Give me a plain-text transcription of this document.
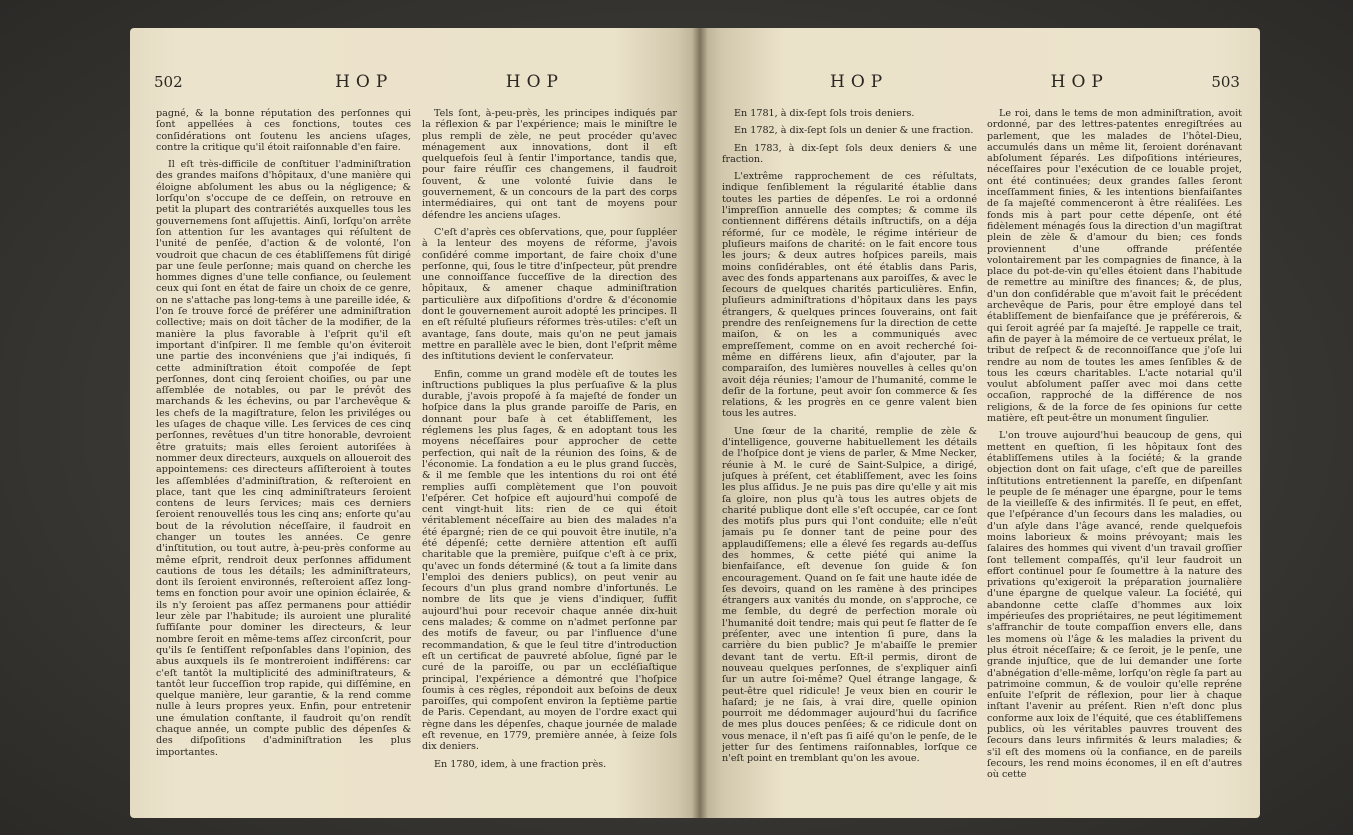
502	HOP	HOP

pagné, & la bonne réputation des perſonnes qui ſont appellées à ces fonctions, toutes ces conſidérations ont ſoutenu les anciens uſages, contre la critique qu'il étoit raiſonnable d'en faire.

Il eſt très-difficile de conſtituer l'adminiſtration des grandes maiſons d'hôpitaux, d'une manière qui éloigne abſolument les abus ou la négligence; & lorſqu'on s'occupe de ce deſſein, on retrouve en petit la plupart des contrariétés auxquelles tous les gouvernemens ſont aſſujettis. Ainſi, lorſqu'on arrête ſon attention ſur les avantages qui réſultent de l'unité de penſée, d'action & de volonté, l'on voudroit que chacun de ces établiſſemens fût dirigé par une ſeule perſonne; mais quand on cherche les hommes dignes d'une telle confiance, ou ſeulement ceux qui ſont en état de faire un choix de ce genre, on ne s'attache pas long-tems à une pareille idée, & l'on ſe trouve forcé de préférer une adminiſtration collective; mais on doit tâcher de la modifier, de la manière la plus favorable à l'eſprit qu'il eſt important d'inſpirer. Il me ſemble qu'on éviteroit une partie des inconvéniens que j'ai indiqués, ſi cette adminiſtration étoit compoſée de ſept perſonnes, dont cinq ſeroient choiſies, ou par une aſſemblée de notables, ou par le prévôt des marchands & les échevins, ou par l'archevêque & les chefs de la magiſtrature, ſelon les priviléges ou les uſages de chaque ville. Les ſervices de ces cinq perſonnes, revêtues d'un titre honorable, devroient être gratuits; mais elles ſeroient autoriſées à nommer deux directeurs, auxquels on alloueroit des appointemens: ces directeurs aſſiſteroient à toutes les aſſemblées d'adminiſtration, & reſteroient en place, tant que les cinq adminiſtrateurs ſeroient contens de leurs ſervices; mais ces derniers ſeroient renouvellés tous les cinq ans; enſorte qu'au bout de la révolution néceſſaire, il faudroit en changer un toutes les années. Ce genre d'inſtitution, ou tout autre, à-peu-près conforme au même eſprit, rendroit deux perſonnes affidument cautions de tous les détails; les adminiſtrateurs, dont ils ſeroient environnés, reſteroient aſſez long-tems en fonction pour avoir une opinion éclairée, & ils n'y ſeroient pas aſſez permanens pour attiédir leur zèle par l'habitude; ils auroient une pluralité ſuffiſante pour dominer les directeurs, & leur nombre ſeroit en même-tems aſſez circonſcrit, pour qu'ils ſe ſentiſſent reſponſables dans l'opinion, des abus auxquels ils ſe montreroient indifférens: car c'eſt tantôt la multiplicité des adminiſtrateurs, & tantôt leur ſucceſſion trop rapide, qui diſſémine, en quelque manière, leur garantie, & la rend comme nulle à leurs propres yeux. Enfin, pour entretenir une émulation conſtante, il faudroit qu'on rendît chaque année, un compte public des dépenſes & des diſpoſitions d'adminiſtration les plus importantes.

Tels ſont, à-peu-près, les principes indiqués par la réflexion & par l'expérience; mais le miniſtre le plus rempli de zèle, ne peut procéder qu'avec ménagement aux innovations, dont il eſt quelquefois ſeul à ſentir l'importance, tandis que, pour faire réuſſir ces changemens, il faudroit ſouvent, & une volonté ſuivie dans le gouvernement, & un concours de la part des corps intermédiaires, qui ont tant de moyens pour défendre les anciens uſages.

C'eſt d'après ces obſervations, que, pour ſuppléer à la lenteur des moyens de réforme, j'avois conſidéré comme important, de faire choix d'une perſonne, qui, ſous le titre d'inſpecteur, pût prendre une connoiſſance ſucceſſive de la direction des hôpitaux, & amener chaque adminiſtration particulière aux diſpoſitions d'ordre & d'économie dont le gouvernement auroit adopté les principes. Il en eſt réſulté pluſieurs réformes très-utiles: c'eſt un avantage, ſans doute, mais qu'on ne peut jamais mettre en parallèle avec le bien, dont l'eſprit même des inſtitutions devient le conſervateur.

Enfin, comme un grand modèle eſt de toutes les inſtructions publiques la plus perſuaſive & la plus durable, j'avois propoſé à ſa majeſté de fonder un hoſpice dans la plus grande paroiſſe de Paris, en donnant pour baſe à cet établiſſement, les réglemens les plus ſages, & en adoptant tous les moyens néceſſaires pour approcher de cette perfection, qui naît de la réunion des ſoins, & de l'économie. La fondation a eu le plus grand ſuccès, & il me ſemble que les intentions du roi ont été remplies auſſi complètement que l'on pouvoit l'eſpérer. Cet hoſpice eſt aujourd'hui compoſé de cent vingt-huit lits: rien de ce qui étoit véritablement néceſſaire au bien des malades n'a été épargné; rien de ce qui pouvoit être inutile, n'a été dépenſé; cette dernière attention eſt auſſi charitable que la première, puiſque c'eſt à ce prix, qu'avec un fonds déterminé (& tout a ſa limite dans l'emploi des deniers publics), on peut venir au ſecours d'un plus grand nombre d'infortunés. Le nombre de lits que je viens d'indiquer, ſuffit aujourd'hui pour recevoir chaque année dix-huit cens malades; & comme on n'admet perſonne par des motifs de faveur, ou par l'influence d'une recommandation, & que le ſeul titre d'introduction eſt un certificat de pauvreté abſolue, ſigné par le curé de la paroiſſe, ou par un eccléſiaſtique principal, l'expérience a démontré que l'hoſpice ſoumis à ces règles, répondoit aux beſoins de deux paroiſſes, qui compoſent environ la ſeptième partie de Paris. Cependant, au moyen de l'ordre exact qui règne dans les dépenſes, chaque journée de malade eſt revenue, en 1779, première année, à ſeize ſols dix deniers.

En 1780, idem, à une fraction près.

HOP	HOP	503

En 1781, à dix-ſept ſols trois deniers.

En 1782, à dix-ſept ſols un denier & une fraction.

En 1783, à dix-ſept ſols deux deniers & une fraction.

L'extrême rapprochement de ces réſultats, indique ſenſiblement la régularité établie dans toutes les parties de dépenſes. Le roi a ordonné l'impreſſion annuelle des comptes; & comme ils contiennent différens détails inſtructifs, on a déja réformé, ſur ce modèle, le régime intérieur de pluſieurs maiſons de charité: on le fait encore tous les jours; & deux autres hoſpices pareils, mais moins conſidérables, ont été établis dans Paris, avec des fonds appartenans aux paroiſſes, & avec le ſecours de quelques charités particulières. Enfin, pluſieurs adminiſtrations d'hôpitaux dans les pays étrangers, & quelques princes ſouverains, ont fait prendre des renſeignemens ſur la direction de cette maiſon, & on les a communiqués avec empreſſement, comme on en avoit recherché ſoi-même en différens lieux, afin d'ajouter, par la comparaiſon, des lumières nouvelles à celles qu'on avoit déja réunies; l'amour de l'humanité, comme le deſir de la fortune, peut avoir ſon commerce & ſes relations, & les progrès en ce genre valent bien tous les autres.

Une ſœur de la charité, remplie de zèle & d'intelligence, gouverne habituellement les détails de l'hoſpice dont je viens de parler, & Mme Necker, réunie à M. le curé de Saint-Sulpice, a dirigé, juſques à préſent, cet établiſſement, avec les ſoins les plus aſſidus. Je ne puis pas dire qu'elle y ait mis ſa gloire, non plus qu'à tous les autres objets de charité publique dont elle s'eſt occupée, car ce ſont des motifs plus purs qui l'ont conduite; elle n'eût jamais pu ſe donner tant de peine pour des applaudiſſemens; elle a élevé ſes regards au-deſſus des hommes, & cette piété qui anime la bienfaiſance, eſt devenue ſon guide & ſon encouragement. Quand on ſe fait une haute idée de ſes devoirs, quand on les ramène à des principes étrangers aux vanités du monde, on s'approche, ce me ſemble, du degré de perfection morale où l'humanité doit tendre; mais qui peut ſe flatter de ſe préſenter, avec une intention ſi pure, dans la carrière du bien public? Je m'abaiſſe le premier devant tant de vertu. Eſt-il permis, diront de nouveau quelques perſonnes, de s'expliquer ainſi ſur un autre ſoi-même? Quel étrange langage, & peut-être quel ridicule! Je veux bien en courir le haſard; je ne ſais, à vrai dire, quelle opinion pourroit me dédommager aujourd'hui du ſacrifice de mes plus douces penſées; & ce ridicule dont on vous menace, il n'eſt pas ſi aiſé qu'on le penſe, de le jetter ſur des ſentimens raiſonnables, lorſque ce n'eſt point en tremblant qu'on les avoue.

Le roi, dans le tems de mon adminiſtration, avoit ordonné, par des lettres-patentes enregiſtrées au parlement, que les malades de l'hôtel-Dieu, accumulés dans un même lit, ſeroient dorénavant abſolument ſéparés. Les diſpoſitions intérieures, néceſſaires pour l'exécution de ce louable projet, ont été continuées; deux grandes ſalles ſeront inceſſamment finies, & les intentions bienfaiſantes de ſa majeſté commenceront à être réaliſées. Les fonds mis à part pour cette dépenſe, ont été fidèlement ménagés ſous la direction d'un magiſtrat plein de zèle & d'amour du bien; ces fonds proviennent d'une offrande préſentée volontairement par les compagnies de finance, à la place du pot-de-vin qu'elles étoient dans l'habitude de remettre au miniſtre des finances; &, de plus, d'un don conſidérable que m'avoit fait le précédent archevêque de Paris, pour être employé dans tel établiſſement de bienfaiſance que je préférerois, & qui ſeroit agréé par ſa majeſté. Je rappelle ce trait, afin de payer à la mémoire de ce vertueux prélat, le tribut de reſpect & de reconnoiſſance que j'oſe lui rendre au nom de toutes les ames ſenſibles & de tous les cœurs charitables. L'acte notarial qu'il voulut abſolument paſſer avec moi dans cette occaſion, rapproché de la différence de nos religions, & de la force de ſes opinions ſur cette matière, eſt peut-être un monument ſingulier.

L'on trouve aujourd'hui beaucoup de gens, qui mettent en queſtion, ſi les hôpitaux ſont des établiſſemens utiles à la ſociété; & la grande objection dont on fait uſage, c'eſt que de pareilles inſtitutions entretiennent la pareſſe, en diſpenſant le peuple de ſe ménager une épargne, pour le tems de la vieilleſſe & des infirmités. Il ſe peut, en effet, que l'eſpérance d'un ſecours dans les maladies, ou d'un aſyle dans l'âge avancé, rende quelquefois moins laborieux & moins prévoyant; mais les ſalaires des hommes qui vivent d'un travail groſſier ſont tellement compaſſés, qu'il leur faudroit un effort continuel pour ſe ſoumettre à la nature des privations qu'exigeroit la préparation journalière d'une épargne de quelque valeur. La ſociété, qui abandonne cette claſſe d'hommes aux loix impérieuſes des propriétaires, ne peut légitimement s'affranchir de toute compaſſion envers elle, dans les momens où l'âge & les maladies la privent du plus étroit néceſſaire; & ce ſeroit, je le penſe, une grande injuſtice, que de lui demander une ſorte d'abnégation d'elle-même, lorſqu'on règle ſa part au patrimoine commun, & de vouloir qu'elle repréne enſuite l'eſprit de réflexion, pour lier à chaque inſtant l'avenir au préſent. Rien n'eſt donc plus conforme aux loix de l'équité, que ces établiſſemens publics, où les véritables pauvres trouvent des ſecours dans leurs infirmités & leurs maladies; & s'il eſt des momens où la confiance, en de pareils ſecours, les rend moins économes, il en eſt d'autres où cette
